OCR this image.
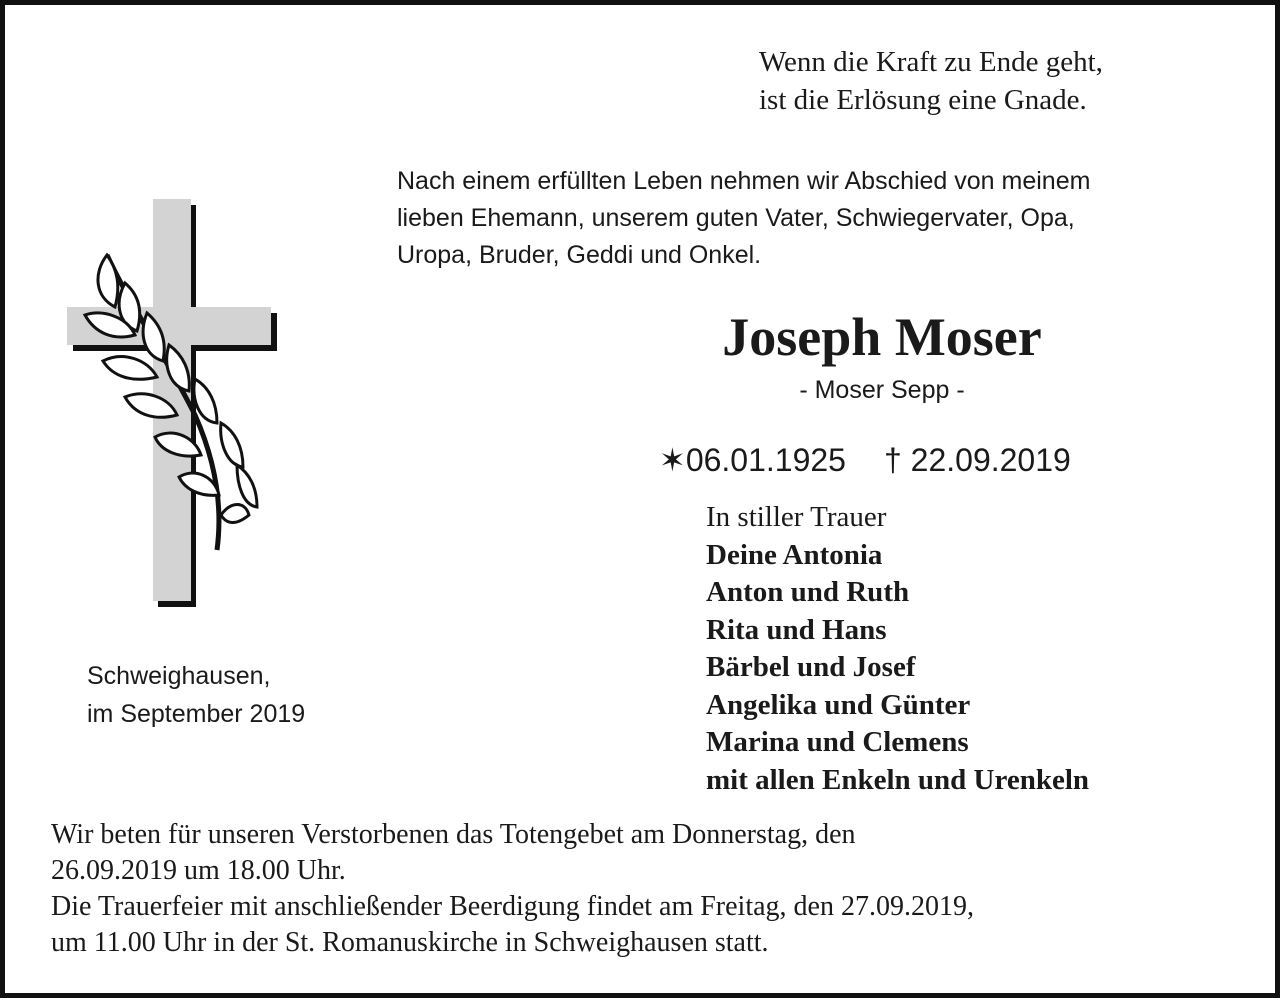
Wenn die Kraft zu Ende geht,
ist die Erlösung eine Gnade.
Nach einem erfüllten Leben nehmen wir Abschied von meinem
lieben Ehemann, unserem guten Vater, Schwiegervater, Opa,
Uropa, Bruder, Geddi und Onkel.
Joseph Moser
- Moser Sepp -
✶06.01.1925 † 22.09.2019
In stiller Trauer
Deine Antonia
Anton und Ruth
Rita und Hans
Bärbel und Josef
Angelika und Günter
Marina und Clemens
mit allen Enkeln und Urenkeln
Schweighausen,
im September 2019
Wir beten für unseren Verstorbenen das Totengebet am Donnerstag, den
26.09.2019 um 18.00 Uhr.
Die Trauerfeier mit anschließender Beerdigung findet am Freitag, den 27.09.2019,
um 11.00 Uhr in der St. Romanuskirche in Schweighausen statt.
